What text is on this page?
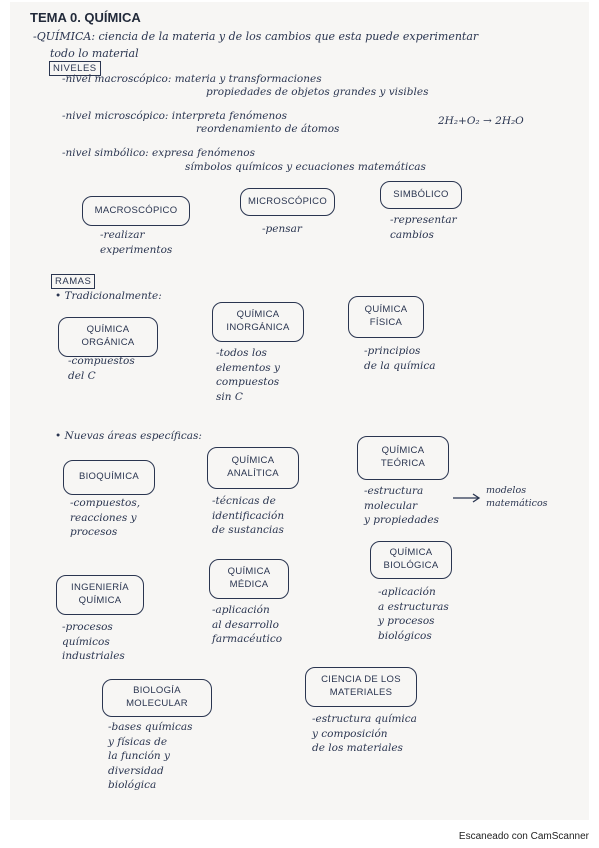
TEMA 0. QUÍMICA
-QUÍMICA: ciencia de la materia y de los cambios que esta puede experimentar
todo lo material
NIVELES
-nivel macroscópico: materia y transformaciones
propiedades de objetos grandes y visibles
-nivel microscópico: interpreta fenómenos
reordenamiento de átomos
2H₂+O₂ → 2H₂O
-nivel simbólico: expresa fenómenos
símbolos químicos y ecuaciones matemáticas
MACROSCÓPICO
-realizar
experimentos
MICROSCÓPICO
-pensar
SIMBÓLICO
-representar
cambios
RAMAS
• Tradicionalmente:
QUÍMICA
ORGÁNICA
-compuestos
del C
QUÍMICA
INORGÁNICA
-todos los
elementos y
compuestos
sin C
QUÍMICA
FÍSICA
-principios
de la química
• Nuevas áreas específicas:
BIOQUÍMICA
-compuestos,
reacciones y
procesos
QUÍMICA
ANALÍTICA
-técnicas de
identificación
de sustancias
QUÍMICA
TEÓRICA
-estructura
molecular
y propiedades
modelos
matemáticos
INGENIERÍA
QUÍMICA
-procesos
químicos
industriales
QUÍMICA
MÉDICA
-aplicación
al desarrollo
farmacéutico
QUÍMICA
BIOLÓGICA
-aplicación
a estructuras
y procesos
biológicos
BIOLOGÍA
MOLECULAR
-bases químicas
y físicas de
la función y
diversidad
biológica
CIENCIA DE LOS
MATERIALES
-estructura química
y composición
de los materiales
Escaneado con CamScanner
